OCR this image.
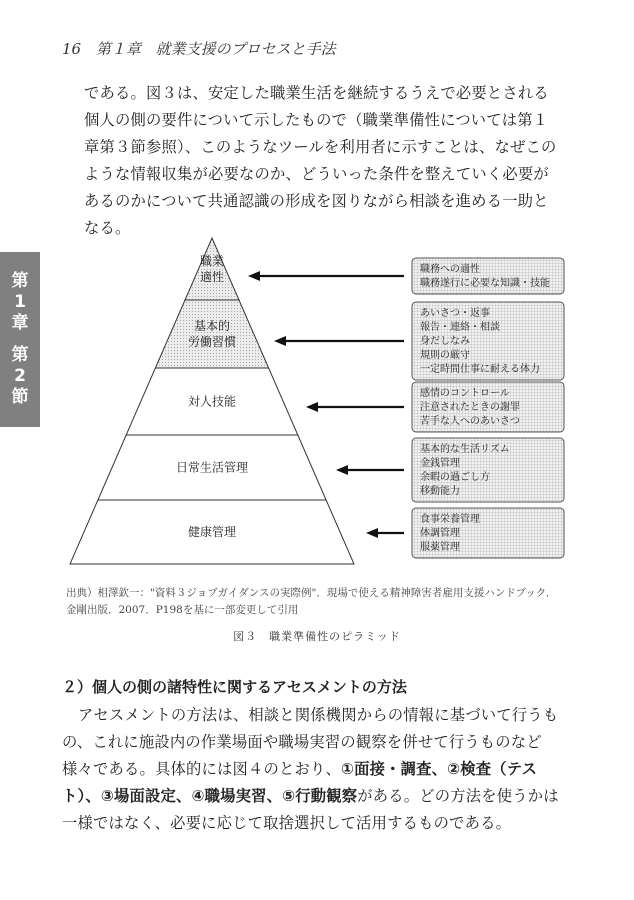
16 第１章 就業支援のプロセスと手法
第
1
章
第
2
節
である。図３は、安定した職業生活を継続するうえで必要とされる個人の側の要件について示したもので（職業準備性については第１章第３節参照）、このようなツールを利用者に示すことは、なぜこのような情報収集が必要なのか、どういった条件を整えていく必要があるのかについて共通認識の形成を図りながら相談を進める一助となる。
職業
適性
基本的
労働習慣
対人技能
日常生活管理
健康管理
職務への適性
職務遂行に必要な知識・技能
あいさつ・返事
報告・連絡・相談
身だしなみ
規則の厳守
一定時間仕事に耐える体力
感情のコントロール
注意されたときの謝罪
苦手な人へのあいさつ
基本的な生活リズム
金銭管理
余暇の過ごし方
移動能力
食事栄養管理
体調管理
服薬管理
出典）相澤欽一："資料３ジョブガイダンスの実際例"．現場で使える精神障害者雇用支援ハンドブック．
金剛出版．2007．P198を基に一部変更して引用
図３　職業準備性のピラミッド
２）個人の側の諸特性に関するアセスメントの方法
アセスメントの方法は、相談と関係機関からの情報に基づいて行うもの、これに施設内の作業場面や職場実習の観察を併せて行うものなど様々である。具体的には図４のとおり、①面接・調査、②検査（テスト）、③場面設定、④職場実習、⑤行動観察がある。どの方法を使うかは一様ではなく、必要に応じて取捨選択して活用するものである。
